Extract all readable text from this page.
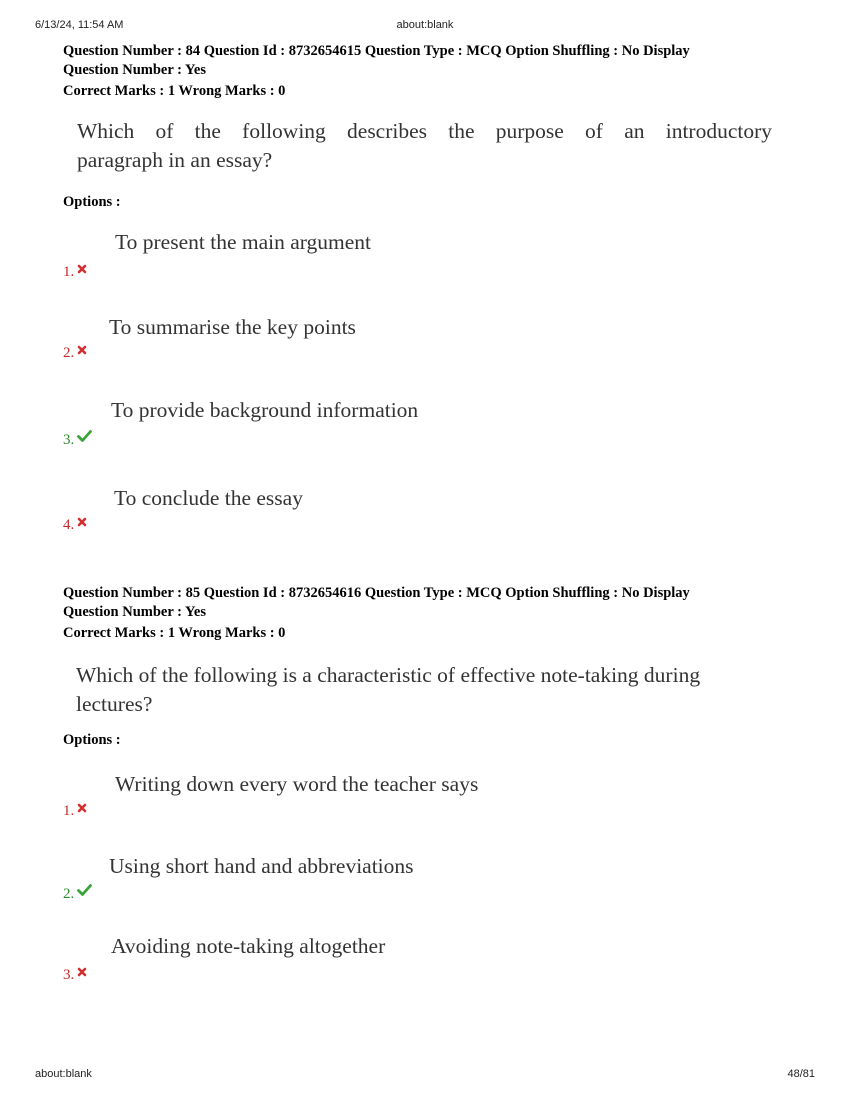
6/13/24, 11:54 AM	about:blank

Question Number : 84 Question Id : 8732654615 Question Type : MCQ Option Shuffling : No Display

Question Number : Yes

Correct Marks : 1 Wrong Marks : 0

Which of the following describes the purpose of an introductory
paragraph in an essay?
Options :
To present the main argument
1.
To summarise the key points
2.
To provide background information
3.
To conclude the essay
4.

Question Number : 85 Question Id : 8732654616 Question Type : MCQ Option Shuffling : No Display

Question Number : Yes

Correct Marks : 1 Wrong Marks : 0

Which of the following is a characteristic of effective note-taking during
lectures?
Options :
Writing down every word the teacher says
1.
Using short hand and abbreviations
2.
Avoiding note-taking altogether
3.
about:blank	48/81
